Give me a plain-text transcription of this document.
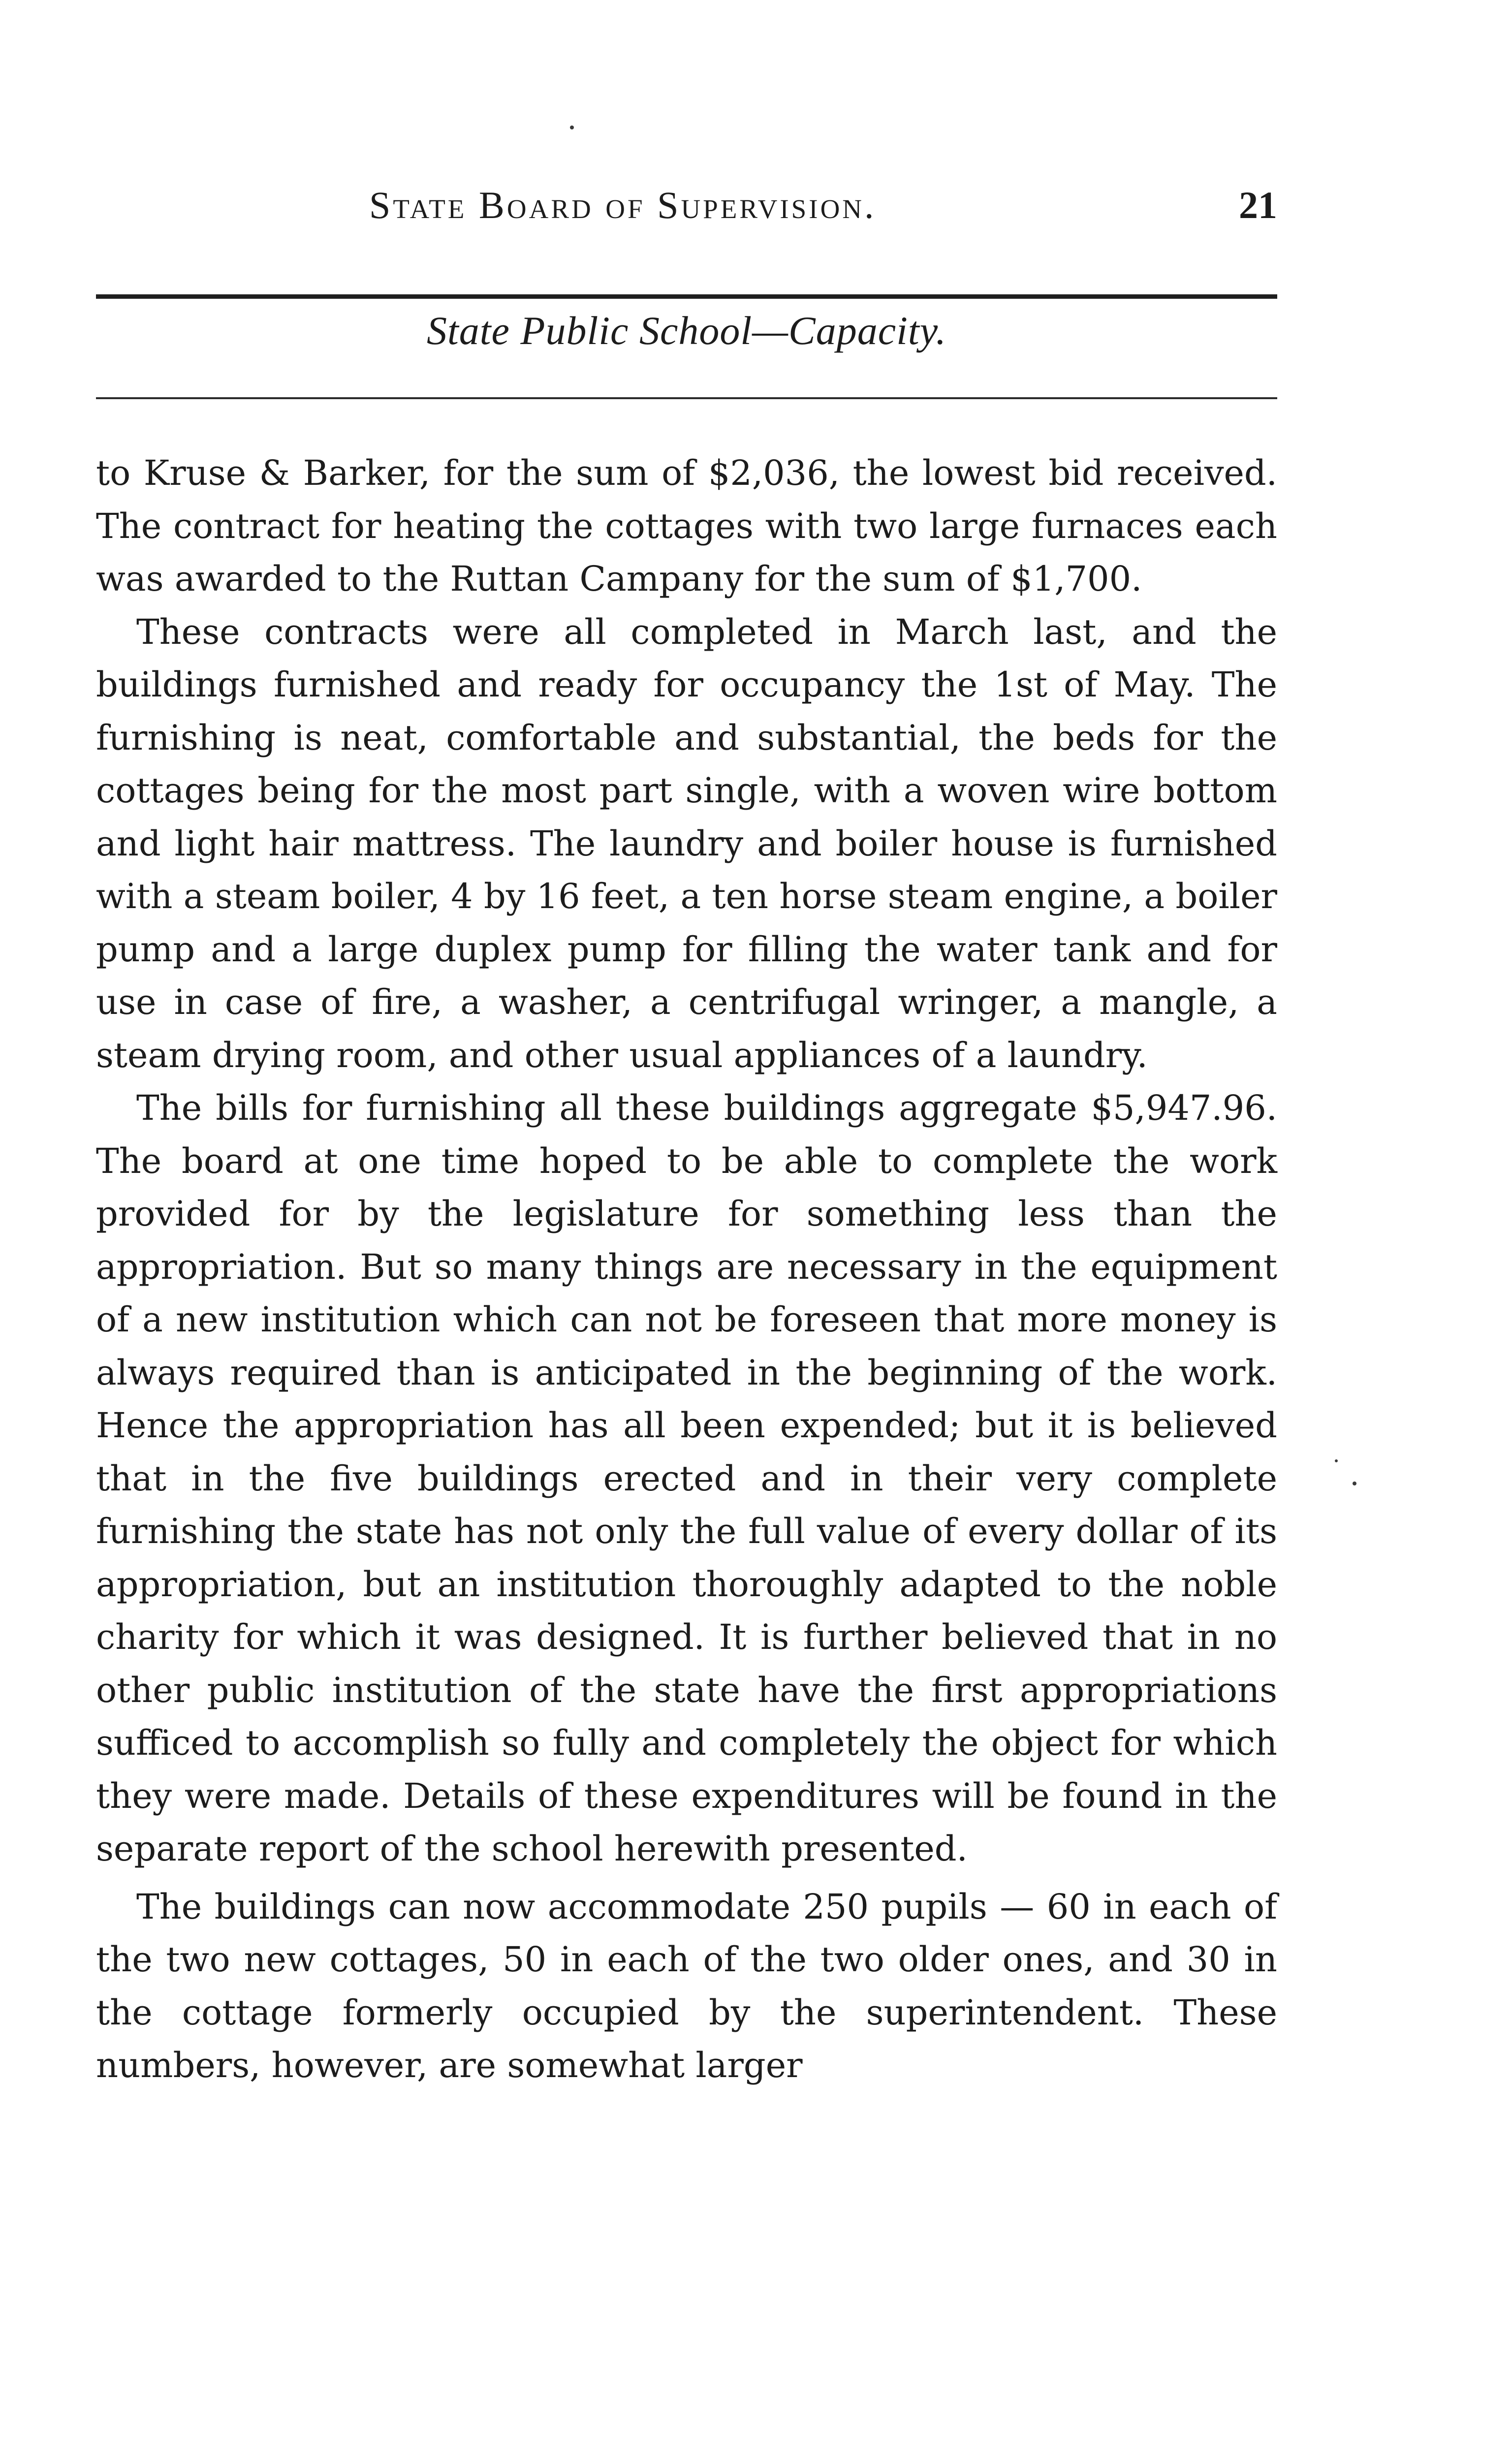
State Board of Supervision.	21
State Public School—Capacity.

to Kruse & Barker, for the sum of $2,036, the lowest bid received. The contract for heating the cottages with two large furnaces each was awarded to the Ruttan Campany for the sum of $1,700.

These contracts were all completed in March last, and the buildings furnished and ready for occupancy the 1st of May. The furnishing is neat, comfortable and substantial, the beds for the cottages being for the most part single, with a woven wire bottom and light hair mattress. The laundry and boiler house is furnished with a steam boiler, 4 by 16 feet, a ten horse steam engine, a boiler pump and a large duplex pump for filling the water tank and for use in case of fire, a washer, a centrifugal wringer, a mangle, a steam drying room, and other usual appliances of a laundry.

The bills for furnishing all these buildings aggregate $5,947.96. The board at one time hoped to be able to complete the work provided for by the legislature for something less than the appropriation. But so many things are necessary in the equipment of a new institution which can not be foreseen that more money is always required than is anticipated in the beginning of the work. Hence the appropriation has all been expended; but it is believed that in the five buildings erected and in their very complete furnishing the state has not only the full value of every dollar of its appropriation, but an institution thoroughly adapted to the noble charity for which it was designed. It is further believed that in no other public institution of the state have the first appropriations sufficed to accomplish so fully and completely the object for which they were made. Details of these expenditures will be found in the separate report of the school herewith presented.

The buildings can now accommodate 250 pupils — 60 in each of the two new cottages, 50 in each of the two older ones, and 30 in the cottage formerly occupied by the superintendent. These numbers, however, are somewhat larger
